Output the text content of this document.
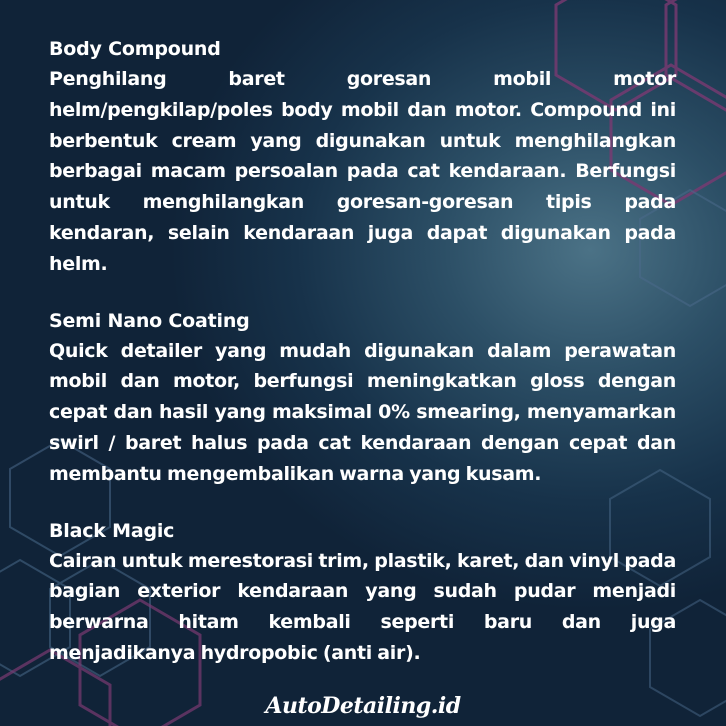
Body Compound
Penghilang baret goresan mobil motor helm/pengkilap/poles body mobil dan motor. Compound ini berbentuk cream yang digunakan untuk menghilangkan berbagai macam persoalan pada cat kendaraan. Berfungsi untuk menghilangkan goresan-goresan tipis pada kendaran, selain kendaraan juga dapat digunakan pada helm.
Semi Nano Coating
Quick detailer yang mudah digunakan dalam perawatan mobil dan motor, berfungsi meningkatkan gloss dengan cepat dan hasil yang maksimal 0% smearing, menyamarkan swirl / baret halus pada cat kendaraan dengan cepat dan membantu mengembalikan warna yang kusam.
Black Magic
Cairan untuk merestorasi trim, plastik, karet, dan vinyl pada bagian exterior kendaraan yang sudah pudar menjadi berwarna hitam kembali seperti baru dan juga menjadikanya hydropobic (anti air).
AutoDetailing.id
